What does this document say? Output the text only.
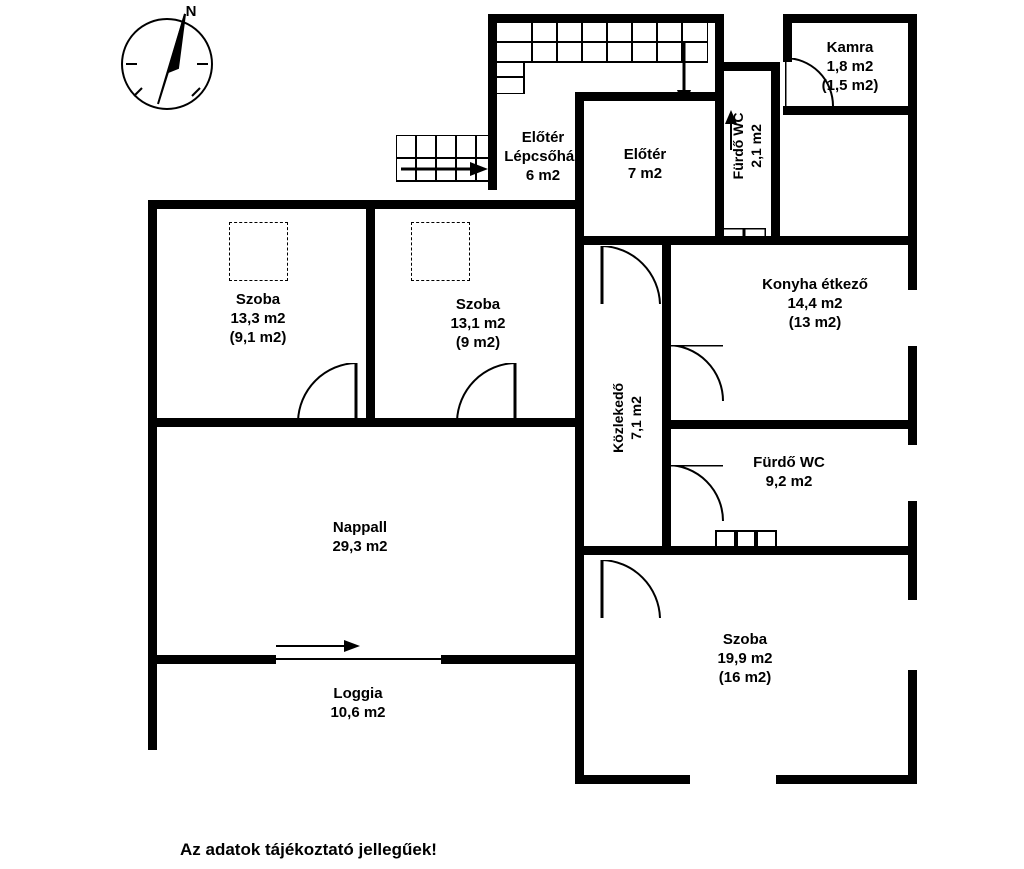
N
Kamra
1,8 m2
(1,5 m2)
Előtér
Lépcsőház
6 m2
Előtér
7 m2	Fürdő WC 2,1 m2
Konyha étkező
14,4 m2
(13 m2)
Szoba
13,3 m2
(9,1 m2)
Szoba
13,1 m2
(9 m2)
Közlekedő 7,1 m2
Fürdő WC
9,2 m2
Nappall
29,3 m2
Szoba
19,9 m2
(16 m2)
Loggia
10,6 m2
Az adatok tájékoztató jellegűek!
